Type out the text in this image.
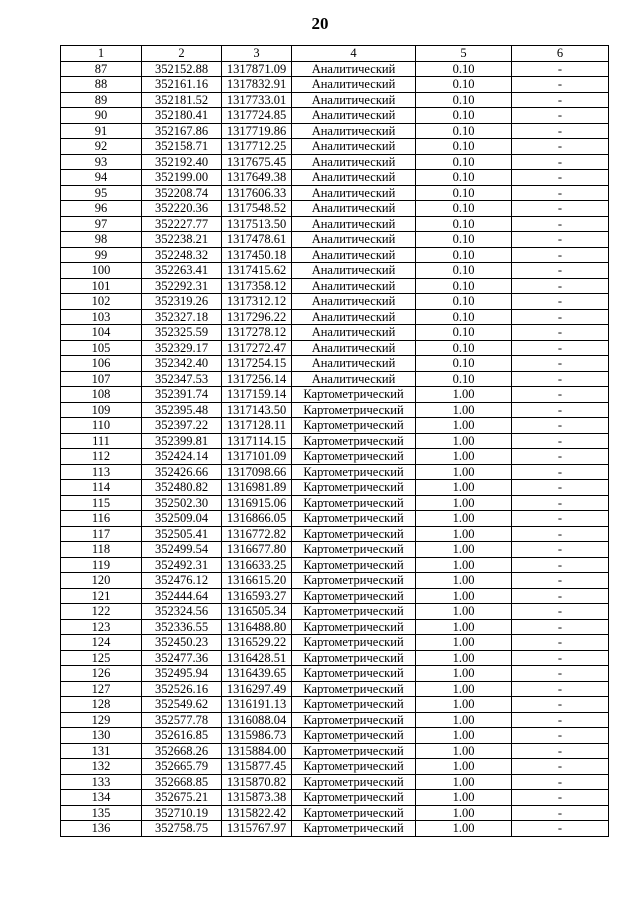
20
1	2	3	4	5	6
87	352152.88	1317871.09	Аналитический	0.10	-
88	352161.16	1317832.91	Аналитический	0.10	-
89	352181.52	1317733.01	Аналитический	0.10	-
90	352180.41	1317724.85	Аналитический	0.10	-
91	352167.86	1317719.86	Аналитический	0.10	-
92	352158.71	1317712.25	Аналитический	0.10	-
93	352192.40	1317675.45	Аналитический	0.10	-
94	352199.00	1317649.38	Аналитический	0.10	-
95	352208.74	1317606.33	Аналитический	0.10	-
96	352220.36	1317548.52	Аналитический	0.10	-
97	352227.77	1317513.50	Аналитический	0.10	-
98	352238.21	1317478.61	Аналитический	0.10	-
99	352248.32	1317450.18	Аналитический	0.10	-
100	352263.41	1317415.62	Аналитический	0.10	-
101	352292.31	1317358.12	Аналитический	0.10	-
102	352319.26	1317312.12	Аналитический	0.10	-
103	352327.18	1317296.22	Аналитический	0.10	-
104	352325.59	1317278.12	Аналитический	0.10	-
105	352329.17	1317272.47	Аналитический	0.10	-
106	352342.40	1317254.15	Аналитический	0.10	-
107	352347.53	1317256.14	Аналитический	0.10	-
108	352391.74	1317159.14	Картометрический	1.00	-
109	352395.48	1317143.50	Картометрический	1.00	-
110	352397.22	1317128.11	Картометрический	1.00	-
111	352399.81	1317114.15	Картометрический	1.00	-
112	352424.14	1317101.09	Картометрический	1.00	-
113	352426.66	1317098.66	Картометрический	1.00	-
114	352480.82	1316981.89	Картометрический	1.00	-
115	352502.30	1316915.06	Картометрический	1.00	-
116	352509.04	1316866.05	Картометрический	1.00	-
117	352505.41	1316772.82	Картометрический	1.00	-
118	352499.54	1316677.80	Картометрический	1.00	-
119	352492.31	1316633.25	Картометрический	1.00	-
120	352476.12	1316615.20	Картометрический	1.00	-
121	352444.64	1316593.27	Картометрический	1.00	-
122	352324.56	1316505.34	Картометрический	1.00	-
123	352336.55	1316488.80	Картометрический	1.00	-
124	352450.23	1316529.22	Картометрический	1.00	-
125	352477.36	1316428.51	Картометрический	1.00	-
126	352495.94	1316439.65	Картометрический	1.00	-
127	352526.16	1316297.49	Картометрический	1.00	-
128	352549.62	1316191.13	Картометрический	1.00	-
129	352577.78	1316088.04	Картометрический	1.00	-
130	352616.85	1315986.73	Картометрический	1.00	-
131	352668.26	1315884.00	Картометрический	1.00	-
132	352665.79	1315877.45	Картометрический	1.00	-
133	352668.85	1315870.82	Картометрический	1.00	-
134	352675.21	1315873.38	Картометрический	1.00	-
135	352710.19	1315822.42	Картометрический	1.00	-
136	352758.75	1315767.97	Картометрический	1.00	-
